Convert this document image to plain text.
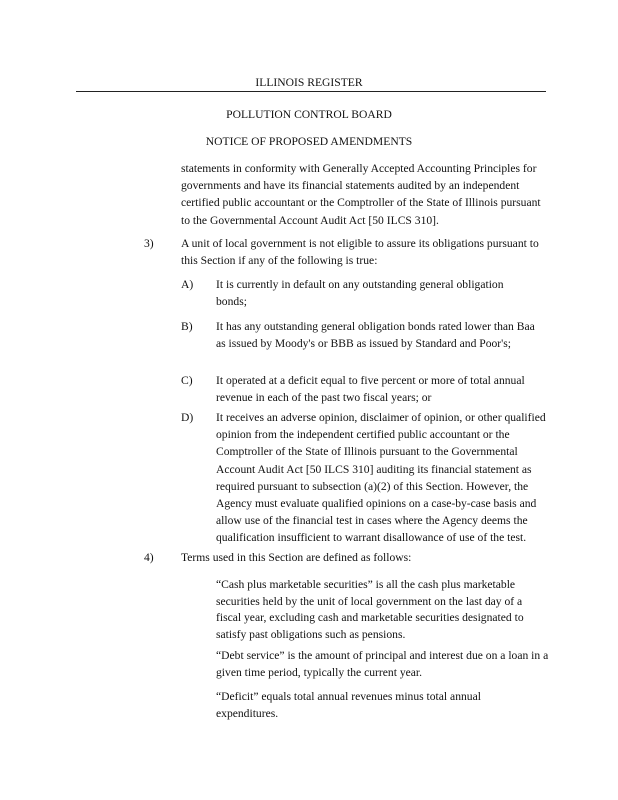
ILLINOIS REGISTER
POLLUTION CONTROL BOARD
NOTICE OF PROPOSED AMENDMENTS

statements in conformity with Generally Accepted Accounting Principles for governments and have its financial statements audited by an independent certified public accountant or the Comptroller of the State of Illinois pursuant to the Governmental Account Audit Act [50 ILCS 310].

3) A unit of local government is not eligible to assure its obligations pursuant to this Section if any of the following is true:

A) It is currently in default on any outstanding general obligation bonds;

B) It has any outstanding general obligation bonds rated lower than Baa as issued by Moody's or BBB as issued by Standard and Poor's;

C) It operated at a deficit equal to five percent or more of total annual revenue in each of the past two fiscal years; or

D) It receives an adverse opinion, disclaimer of opinion, or other qualified opinion from the independent certified public accountant or the Comptroller of the State of Illinois pursuant to the Governmental Account Audit Act [50 ILCS 310] auditing its financial statement as required pursuant to subsection (a)(2) of this Section. However, the Agency must evaluate qualified opinions on a case-by-case basis and allow use of the financial test in cases where the Agency deems the qualification insufficient to warrant disallowance of use of the test.

4) Terms used in this Section are defined as follows:

“Cash plus marketable securities” is all the cash plus marketable securities held by the unit of local government on the last day of a fiscal year, excluding cash and marketable securities designated to satisfy past obligations such as pensions.

“Debt service” is the amount of principal and interest due on a loan in a given time period, typically the current year.

“Deficit” equals total annual revenues minus total annual expenditures.
